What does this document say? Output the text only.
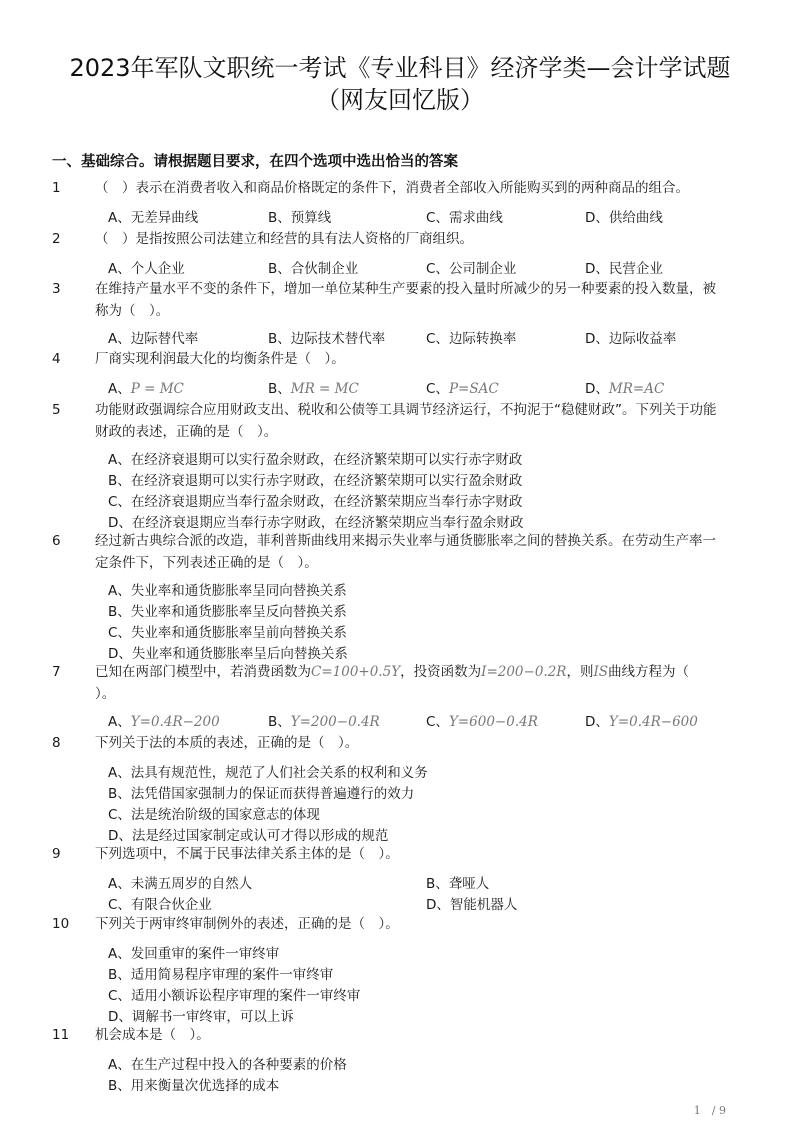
2023年军队文职统一考试《专业科目》经济学类—会计学试题
（网友回忆版）
一、基础综合。请根据题目要求，在四个选项中选出恰当的答案
1	（　）表示在消费者收入和商品价格既定的条件下，消费者全部收入所能购买到的两种商品的组合。
A、无差异曲线	B、预算线	C、需求曲线	D、供给曲线
2	（　）是指按照公司法建立和经营的具有法人资格的厂商组织。
A、个人企业	B、合伙制企业	C、公司制企业	D、民营企业
3	在维持产量水平不变的条件下，增加一单位某种生产要素的投入量时所减少的另一种要素的投入数量，被称为（　）。
A、边际替代率	B、边际技术替代率	C、边际转换率	D、边际收益率
4	厂商实现利润最大化的均衡条件是（　）。
A、P = MC	B、MR = MC	C、P=SAC	D、MR=AC
5	功能财政强调综合应用财政支出、税收和公债等工具调节经济运行，不拘泥于“稳健财政”。下列关于功能财政的表述，正确的是（　）。
A、在经济衰退期可以实行盈余财政，在经济繁荣期可以实行赤字财政
B、在经济衰退期可以实行赤字财政，在经济繁荣期可以实行盈余财政
C、在经济衰退期应当奉行盈余财政，在经济繁荣期应当奉行赤字财政
D、在经济衰退期应当奉行赤字财政，在经济繁荣期应当奉行盈余财政
6	经过新古典综合派的改造，菲利普斯曲线用来揭示失业率与通货膨胀率之间的替换关系。在劳动生产率一定条件下，下列表述正确的是（　）。
A、失业率和通货膨胀率呈同向替换关系
B、失业率和通货膨胀率呈反向替换关系
C、失业率和通货膨胀率呈前向替换关系
D、失业率和通货膨胀率呈后向替换关系
7	已知在两部门模型中，若消费函数为C=100+0.5Y，投资函数为I=200−0.2R，则IS曲线方程为（
）。
A、Y=0.4R−200	B、Y=200−0.4R	C、Y=600−0.4R	D、Y=0.4R−600
8	下列关于法的本质的表述，正确的是（　）。
A、法具有规范性，规范了人们社会关系的权利和义务
B、法凭借国家强制力的保证而获得普遍遵行的效力
C、法是统治阶级的国家意志的体现
D、法是经过国家制定或认可才得以形成的规范
9	下列选项中，不属于民事法律关系主体的是（　）。
A、未满五周岁的自然人	B、聋哑人
C、有限合伙企业	D、智能机器人
10 下列关于两审终审制例外的表述，正确的是（　）。
A、发回重审的案件一审终审
B、适用简易程序审理的案件一审终审
C、适用小额诉讼程序审理的案件一审终审
D、调解书一审终审，可以上诉
11 机会成本是（　）。
A、在生产过程中投入的各种要素的价格
B、用来衡量次优选择的成本
1　/ 9
